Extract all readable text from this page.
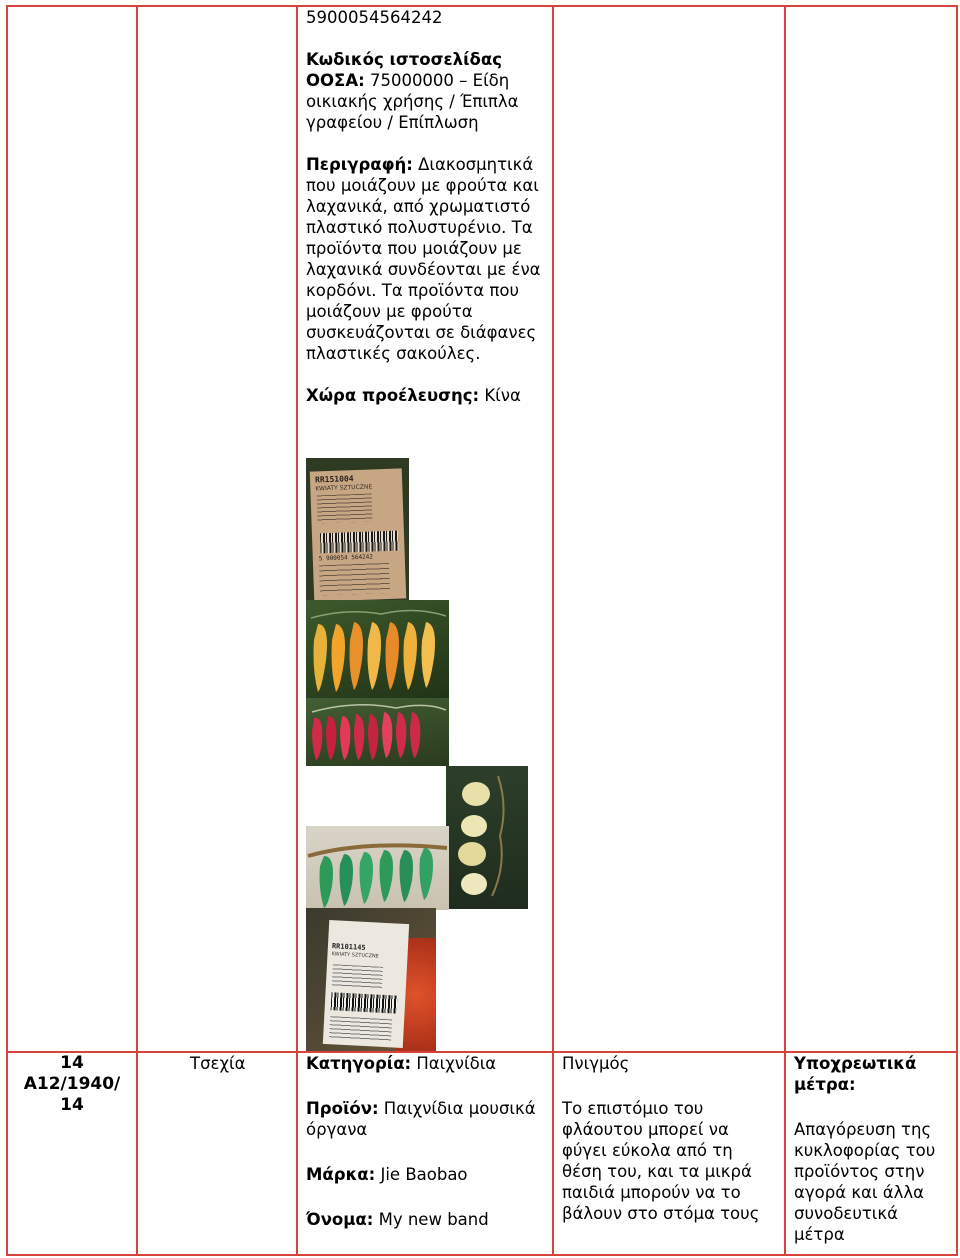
5900054564242

Κωδικός ιστοσελίδας ΟΟΣΑ: 75000000 – Είδη οικιακής χρήσης / Έπιπλα γραφείου / Επίπλωση

Περιγραφή: Διακοσμητικά που μοιάζουν με φρούτα και λαχανικά, από χρωματιστό πλαστικό πολυστυρένιο. Τα προϊόντα που μοιάζουν με λαχανικά συνδέονται με ένα κορδόνι. Τα προϊόντα που μοιάζουν με φρούτα συσκευάζονται σε διάφανες πλαστικές σακούλες.

Χώρα προέλευσης: Κίνα

RR151004
KWIATY SZTUCZNE
5 900054 564242
RR101145
KWIATY SZTUCZNE
14
A12/1940/
14

Τσεχία	Κατηγορία: Παιχνίδια

Προϊόν: Παιχνίδια μουσικά όργανα

Μάρκα: Jie Baobao

Όνομα: My new band

Πνιγμός

Το επιστόμιο του φλάουτου μπορεί να φύγει εύκολα από τη θέση του, και τα μικρά παιδιά μπορούν να το βάλουν στο στόμα τους

Υποχρεωτικά μέτρα:

Απαγόρευση της κυκλοφορίας του προϊόντος στην αγορά και άλλα συνοδευτικά μέτρα
